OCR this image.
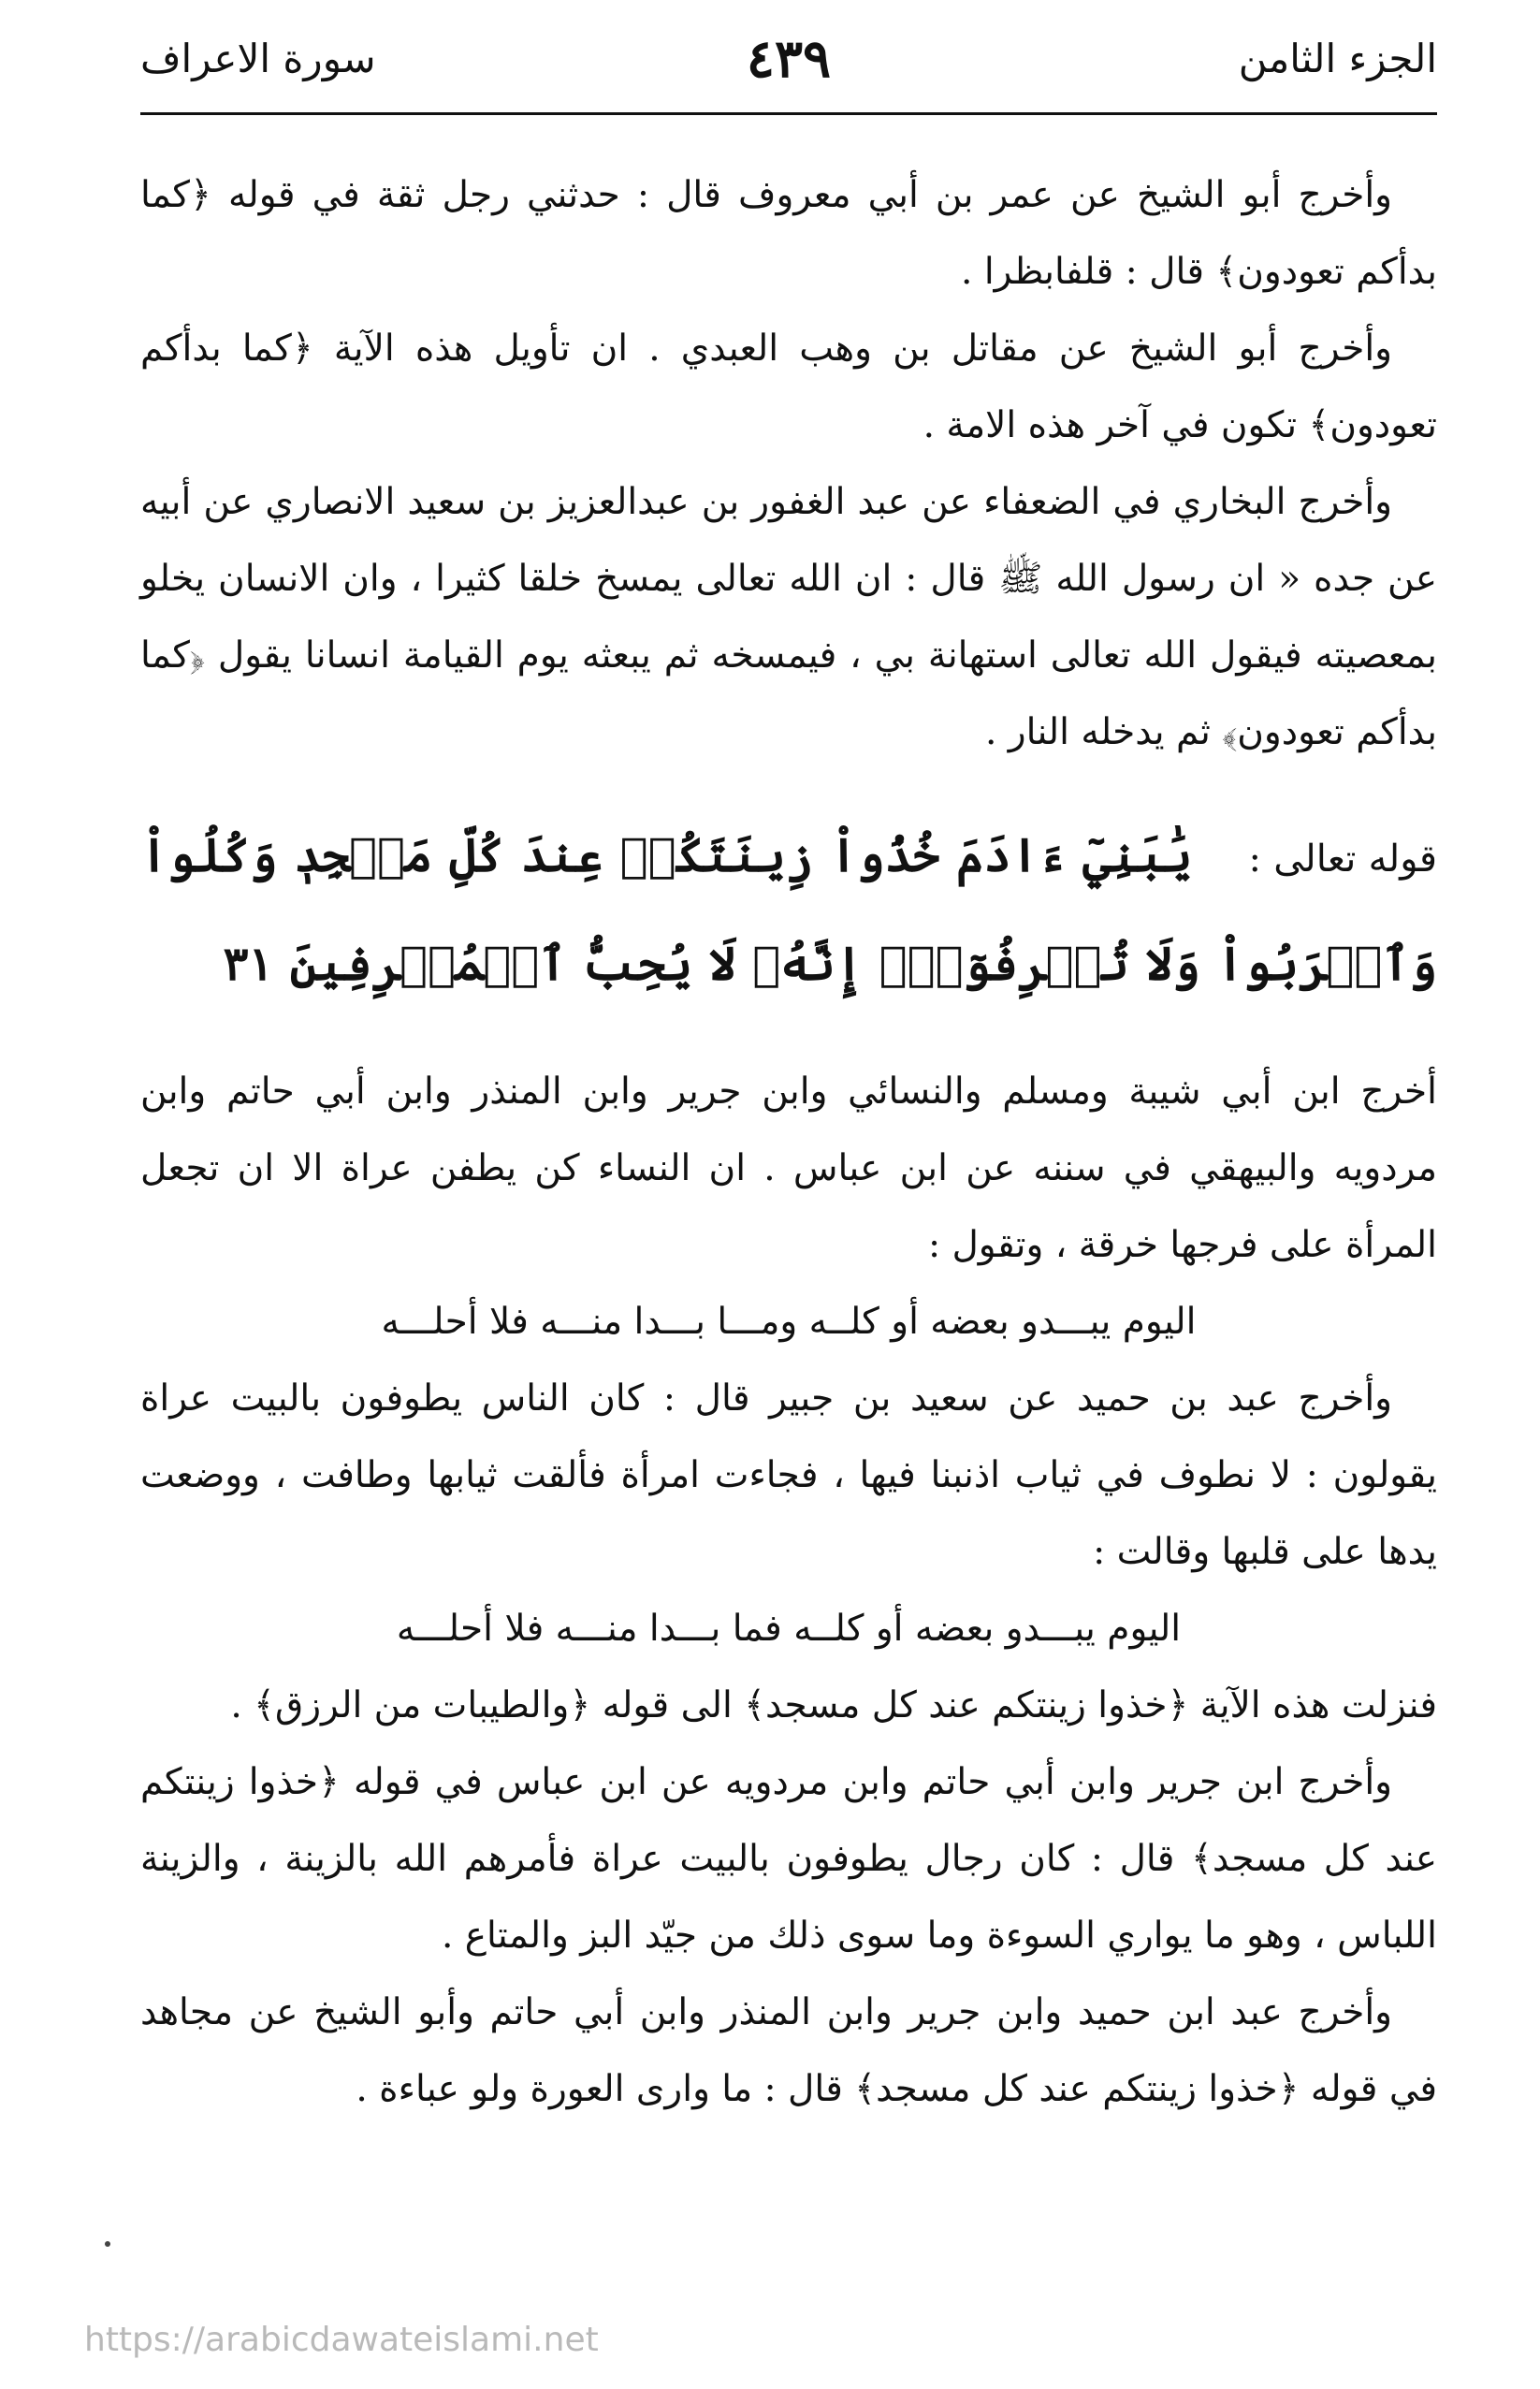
الجزء الثامن
٤٣٩
سورة الاعراف

وأخرج أبو الشيخ عن عمر بن أبي معروف قال : حدثني رجل ثقة في قوله ﴿كما بدأكم تعودون﴾ قال : قلفابظرا .

وأخرج أبو الشيخ عن مقاتل بن وهب العبدي . ان تأويل هذه الآية ﴿كما بدأكم تعودون﴾ تكون في آخر هذه الامة .

وأخرج البخاري في الضعفاء عن عبد الغفور بن عبدالعزيز بن سعيد الانصاري عن أبيه عن جده « ان رسول الله ﷺ قال : ان الله تعالى يمسخ خلقا كثيرا ، وان الانسان يخلو بمعصيته فيقول الله تعالى استهانة بي ، فيمسخه ثم يبعثه يوم القيامة انسانا يقول ﴿كما بدأكم تعودون﴾ ثم يدخله النار .

قوله تعالى :يَٰبَنِيٓ ءَادَمَ خُذُواْ زِينَتَكُمۡ عِندَ كُلِّ مَسۡجِدٖ وَكُلُواْ وَٱشۡرَبُواْ وَلَا تُسۡرِفُوٓاْۚ إِنَّهُۥ لَا يُحِبُّ ٱلۡمُسۡرِفِينَ ٣١

أخرج ابن أبي شيبة ومسلم والنسائي وابن جرير وابن المنذر وابن أبي حاتم وابن مردويه والبيهقي في سننه عن ابن عباس . ان النساء كن يطفن عراة الا ان تجعل المرأة على فرجها خرقة ، وتقول :

اليوم يبـــدو بعضه أو كلــه ومـــا بـــدا منـــه فلا أحلـــه

وأخرج عبد بن حميد عن سعيد بن جبير قال : كان الناس يطوفون بالبيت عراة يقولون : لا نطوف في ثياب اذنبنا فيها ، فجاءت امرأة فألقت ثيابها وطافت ، ووضعت يدها على قلبها وقالت :

اليوم يبـــدو بعضه أو كلــه فما بـــدا منـــه فلا أحلـــه

فنزلت هذه الآية ﴿خذوا زينتكم عند كل مسجد﴾ الى قوله ﴿والطيبات من الرزق﴾ .

وأخرج ابن جرير وابن أبي حاتم وابن مردويه عن ابن عباس في قوله ﴿خذوا زينتكم عند كل مسجد﴾ قال : كان رجال يطوفون بالبيت عراة فأمرهم الله بالزينة ، والزينة اللباس ، وهو ما يواري السوءة وما سوى ذلك من جيّد البز والمتاع .

وأخرج عبد ابن حميد وابن جرير وابن المنذر وابن أبي حاتم وأبو الشيخ عن مجاهد في قوله ﴿خذوا زينتكم عند كل مسجد﴾ قال : ما وارى العورة ولو عباءة .

https://arabicdawateislami.net
